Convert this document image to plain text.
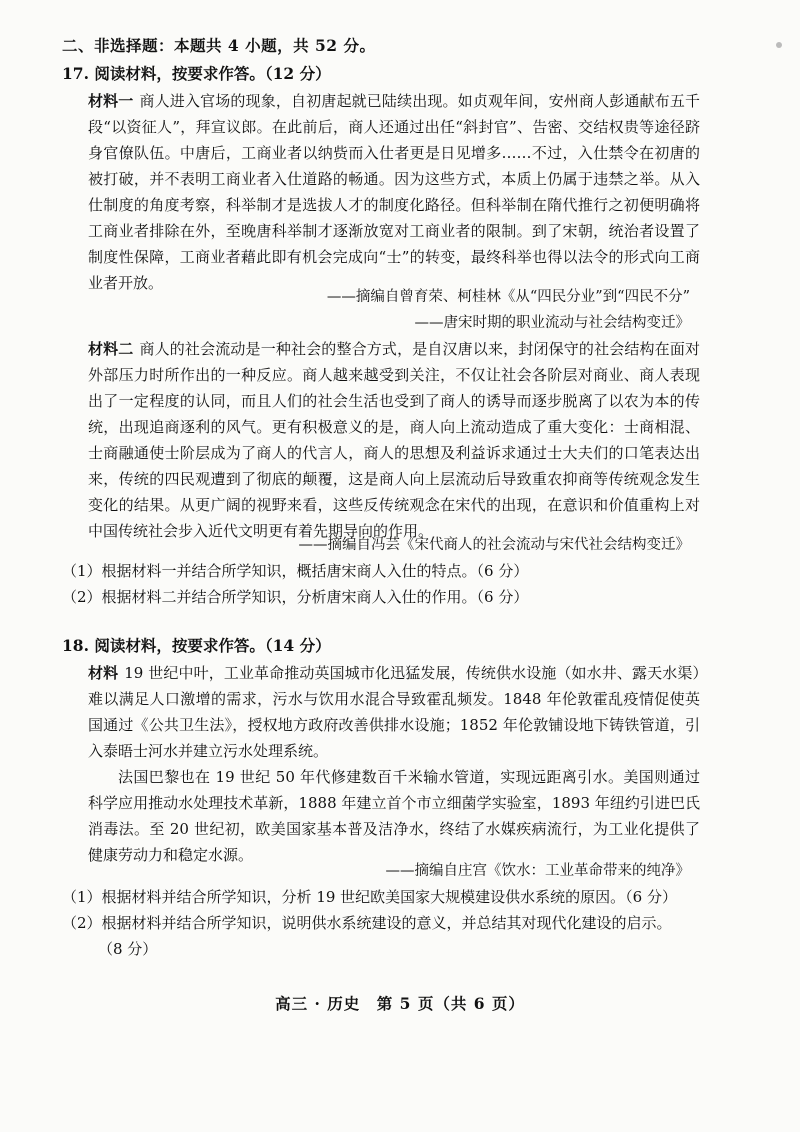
二、非选择题：本题共 4 小题，共 52 分。
17. 阅读材料，按要求作答。（12 分）
材料一 商人进入官场的现象，自初唐起就已陆续出现。如贞观年间，安州商人彭通献布五千段“以资征人”，拜宣议郎。在此前后，商人还通过出任“斜封官”、告密、交结权贵等途径跻身官僚队伍。中唐后，工商业者以纳赀而入仕者更是日见增多……不过，入仕禁令在初唐的被打破，并不表明工商业者入仕道路的畅通。因为这些方式，本质上仍属于违禁之举。从入仕制度的角度考察，科举制才是选拔人才的制度化路径。但科举制在隋代推行之初便明确将工商业者排除在外，至晚唐科举制才逐渐放宽对工商业者的限制。到了宋朝，统治者设置了制度性保障，工商业者藉此即有机会完成向“士”的转变，最终科举也得以法令的形式向工商业者开放。
——摘编自曾育荣、柯桂林《从“四民分业”到“四民不分”
——唐宋时期的职业流动与社会结构变迁》
材料二 商人的社会流动是一种社会的整合方式，是自汉唐以来，封闭保守的社会结构在面对外部压力时所作出的一种反应。商人越来越受到关注，不仅让社会各阶层对商业、商人表现出了一定程度的认同，而且人们的社会生活也受到了商人的诱导而逐步脱离了以农为本的传统，出现追商逐利的风气。更有积极意义的是，商人向上流动造成了重大变化：士商相混、士商融通使士阶层成为了商人的代言人，商人的思想及利益诉求通过士大夫们的口笔表达出来，传统的四民观遭到了彻底的颠覆，这是商人向上层流动后导致重农抑商等传统观念发生变化的结果。从更广阔的视野来看，这些反传统观念在宋代的出现，在意识和价值重构上对中国传统社会步入近代文明更有着先期导向的作用。
——摘编自冯芸《宋代商人的社会流动与宋代社会结构变迁》
（1）根据材料一并结合所学知识，概括唐宋商人入仕的特点。（6 分）
（2）根据材料二并结合所学知识，分析唐宋商人入仕的作用。（6 分）
18. 阅读材料，按要求作答。（14 分）
材料 19 世纪中叶，工业革命推动英国城市化迅猛发展，传统供水设施（如水井、露天水渠）难以满足人口激增的需求，污水与饮用水混合导致霍乱频发。1848 年伦敦霍乱疫情促使英国通过《公共卫生法》，授权地方政府改善供排水设施；1852 年伦敦铺设地下铸铁管道，引入泰晤士河水并建立污水处理系统。
法国巴黎也在 19 世纪 50 年代修建数百千米输水管道，实现远距离引水。美国则通过科学应用推动水处理技术革新，1888 年建立首个市立细菌学实验室，1893 年纽约引进巴氏消毒法。至 20 世纪初，欧美国家基本普及洁净水，终结了水媒疾病流行，为工业化提供了健康劳动力和稳定水源。
——摘编自庄宫《饮水：工业革命带来的纯净》
（1）根据材料并结合所学知识，分析 19 世纪欧美国家大规模建设供水系统的原因。（6 分）
（2）根据材料并结合所学知识，说明供水系统建设的意义，并总结其对现代化建设的启示。
（8 分）
高三 · 历史　第 5 页（共 6 页）
